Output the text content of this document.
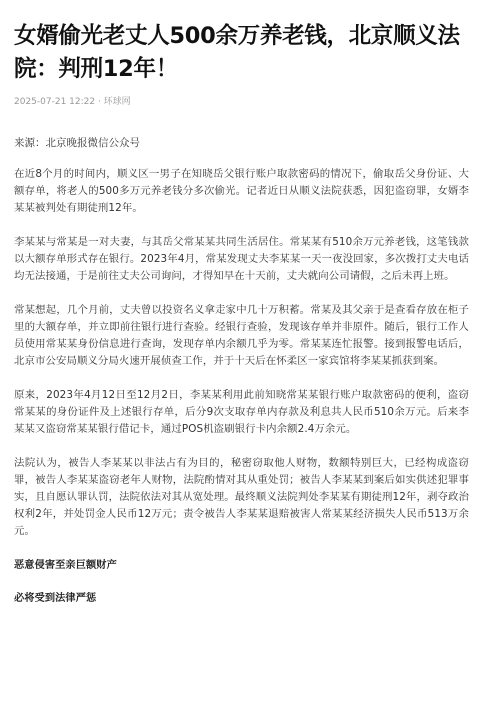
女婿偷光老丈人500余万养老钱，北京顺义法院：判刑12年！
2025-07-21 12:22 · 环球网
来源：北京晚报微信公众号

在近8个月的时间内，顺义区一男子在知晓岳父银行账户取款密码的情况下，偷取岳父身份证、大额存单，将老人的500多万元养老钱分多次偷光。记者近日从顺义法院获悉，因犯盗窃罪，女婿李某某被判处有期徒刑12年。

李某某与常某是一对夫妻，与其岳父常某某共同生活居住。常某某有510余万元养老钱，这笔钱款以大额存单形式存在银行。2023年4月，常某发现丈夫李某某一天一夜没回家，多次拨打丈夫电话均无法接通，于是前往丈夫公司询问，才得知早在十天前，丈夫就向公司请假，之后未再上班。

常某想起，几个月前，丈夫曾以投资名义拿走家中几十万积蓄。常某及其父亲于是查看存放在柜子里的大额存单，并立即前往银行进行查验。经银行查验，发现该存单并非原件。随后，银行工作人员使用常某某身份信息进行查询，发现存单内余额几乎为零。常某某连忙报警。接到报警电话后，北京市公安局顺义分局火速开展侦查工作，并于十天后在怀柔区一家宾馆将李某某抓获到案。

原来，2023年4月12日至12月2日，李某某利用此前知晓常某某银行账户取款密码的便利，盗窃常某某的身份证件及上述银行存单，后分9次支取存单内存款及利息共人民币510余万元。后来李某某又盗窃常某某银行借记卡，通过POS机盗刷银行卡内余额2.4万余元。

法院认为，被告人李某某以非法占有为目的，秘密窃取他人财物，数额特别巨大，已经构成盗窃罪，被告人李某某盗窃老年人财物，法院酌情对其从重处罚；被告人李某某到案后如实供述犯罪事实，且自愿认罪认罚，法院依法对其从宽处理。最终顺义法院判处李某某有期徒刑12年，剥夺政治权利2年，并处罚金人民币12万元；责令被告人李某某退赔被害人常某某经济损失人民币513万余元。

恶意侵害至亲巨额财产

必将受到法律严惩
